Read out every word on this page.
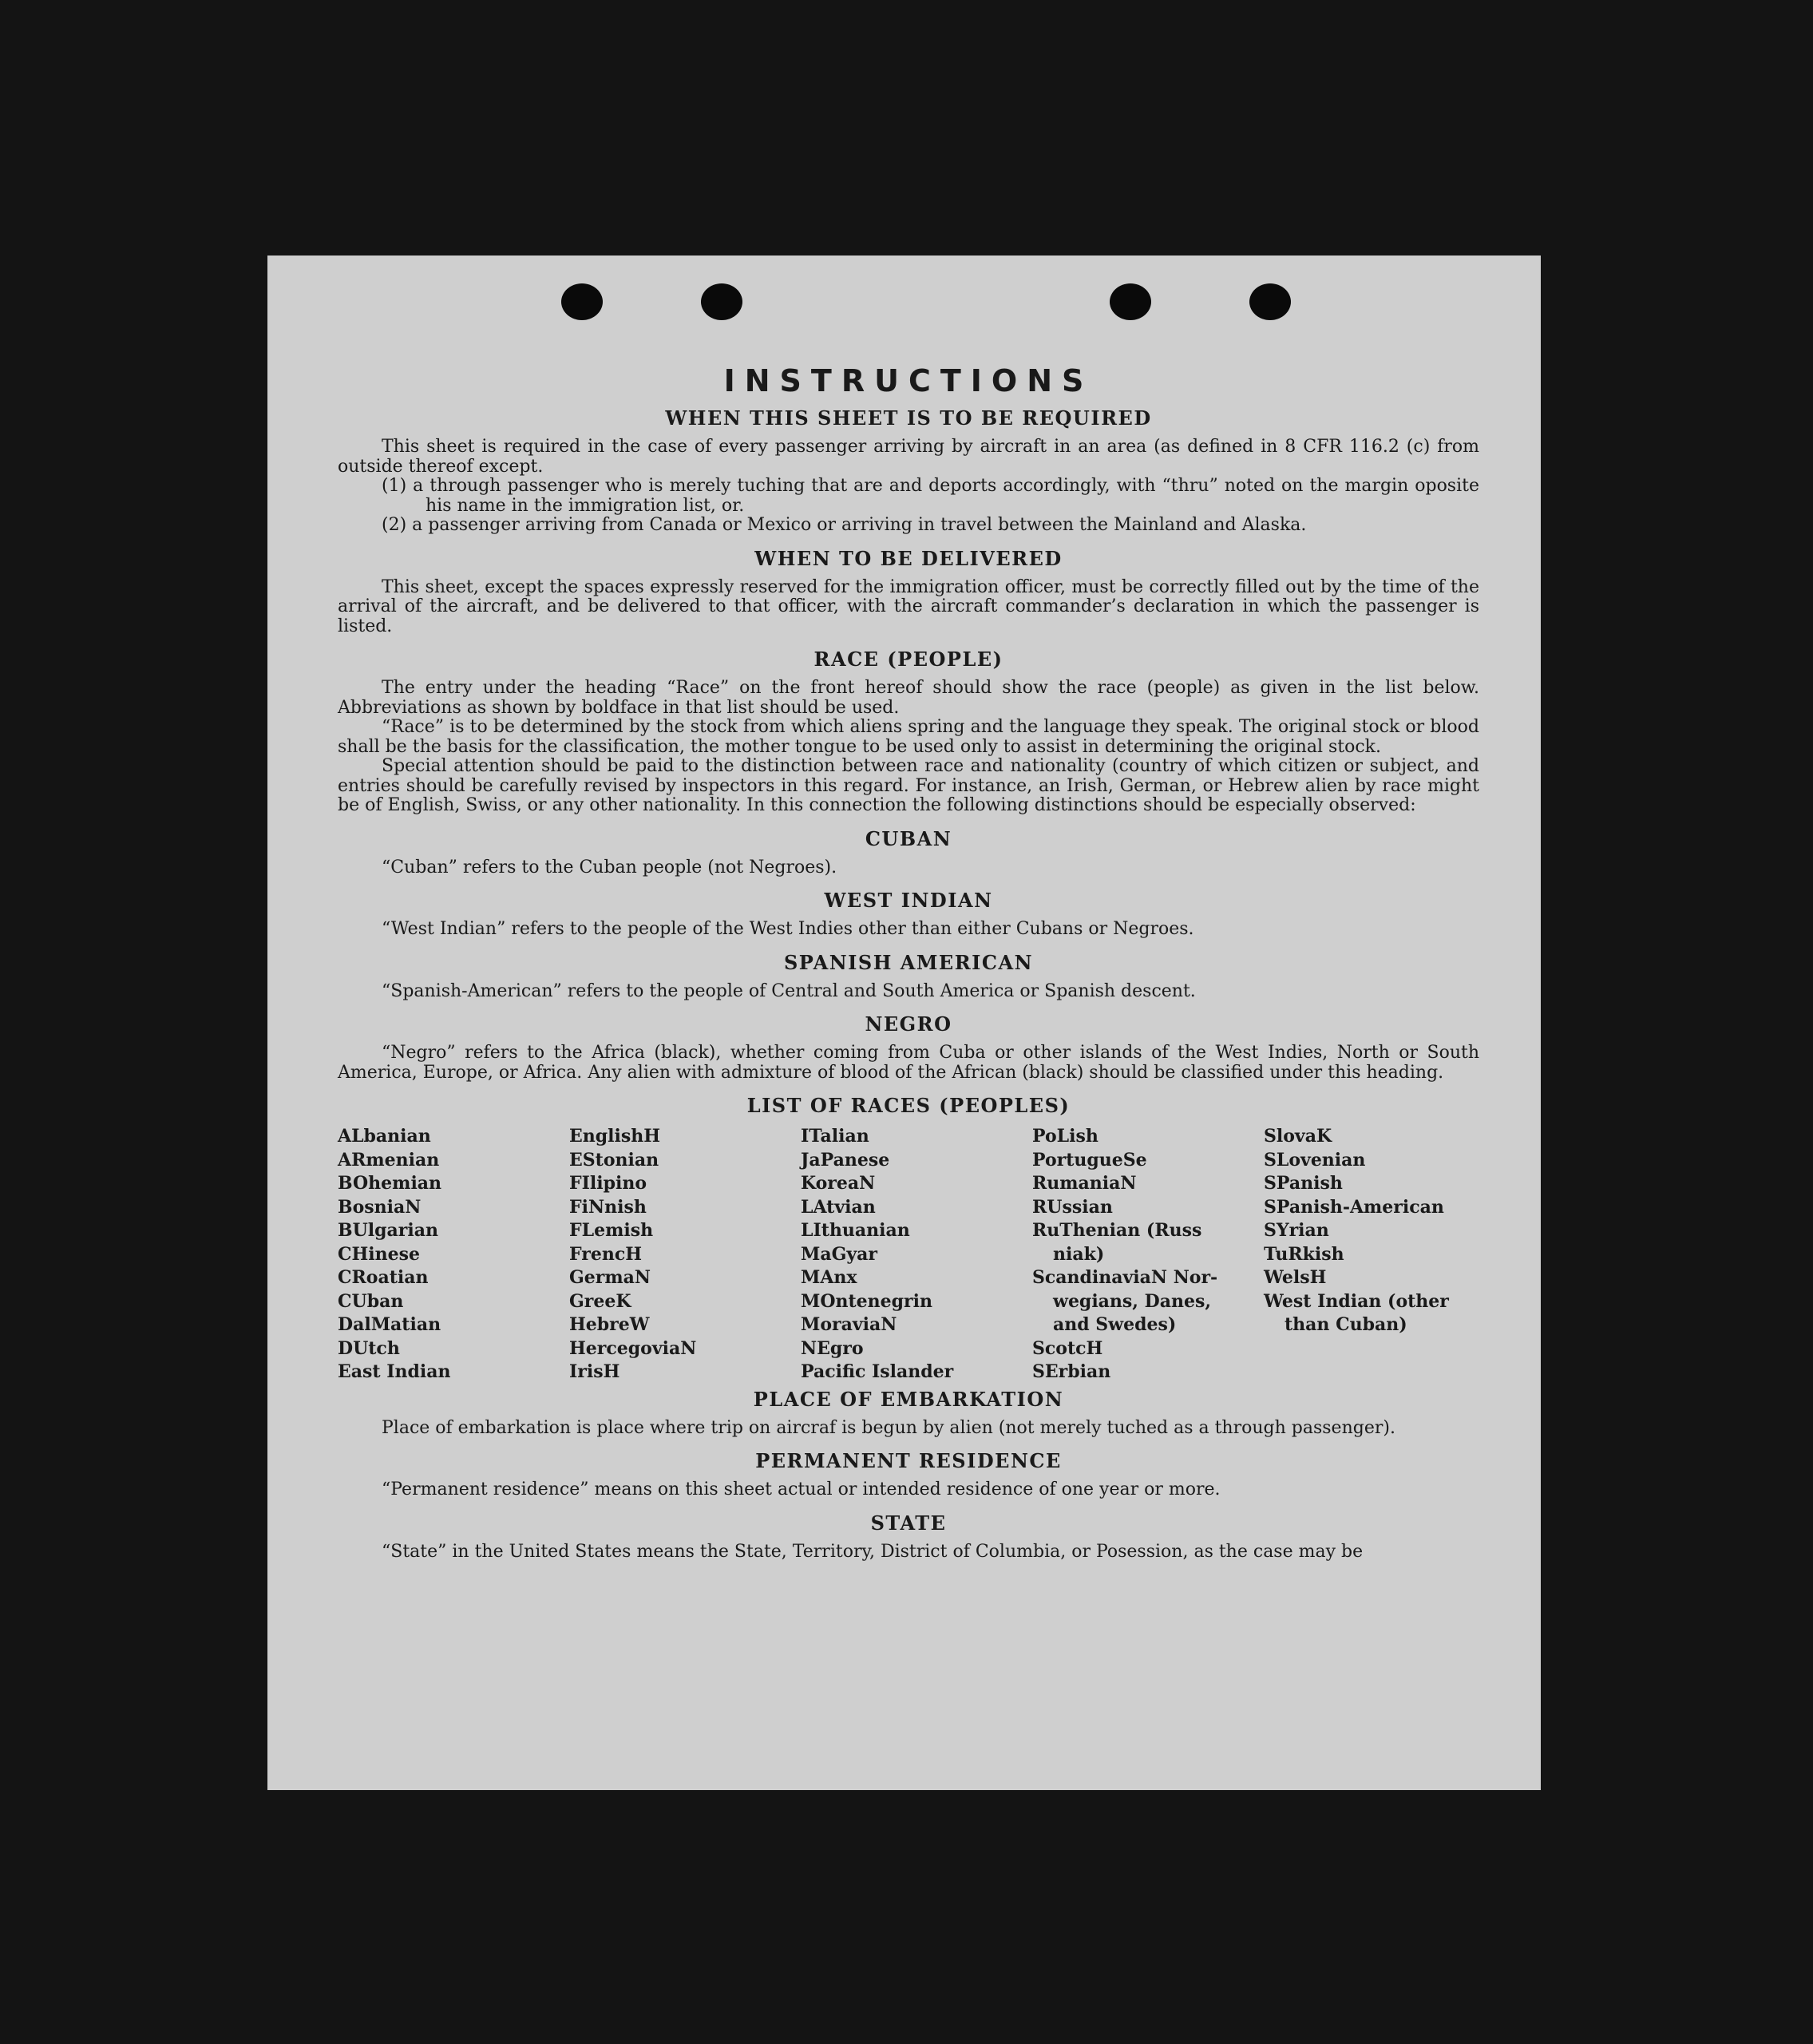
INSTRUCTIONS
WHEN THIS SHEET IS TO BE REQUIRED

This sheet is required in the case of every passenger arriving by aircraft in an area (as defined in 8 CFR 116.2 (c) from outside thereof except.

(1) a through passenger who is merely tuching that are and deports accordingly, with “thru” noted on the margin oposite his name in the immigration list, or.

(2) a passenger arriving from Canada or Mexico or arriving in travel between the Mainland and Alaska.

WHEN TO BE DELIVERED

This sheet, except the spaces expressly reserved for the immigration officer, must be correctly filled out by the time of the arrival of the aircraft, and be delivered to that officer, with the aircraft commander’s declaration in which the passenger is listed.

RACE (PEOPLE)

The entry under the heading “Race” on the front hereof should show the race (people) as given in the list below. Abbreviations as shown by boldface in that list should be used.

“Race” is to be determined by the stock from which aliens spring and the language they speak. The original stock or blood shall be the basis for the classification, the mother tongue to be used only to assist in determining the original stock.

Special attention should be paid to the distinction between race and nationality (country of which citizen or subject, and entries should be carefully revised by inspectors in this regard. For instance, an Irish, German, or Hebrew alien by race might be of English, Swiss, or any other nationality. In this connection the following distinctions should be especially observed:

CUBAN

“Cuban” refers to the Cuban people (not Negroes).

WEST INDIAN

“West Indian” refers to the people of the West Indies other than either Cubans or Negroes.

SPANISH AMERICAN

“Spanish-American” refers to the people of Central and South America or Spanish descent.

NEGRO

“Negro” refers to the Africa (black), whether coming from Cuba or other islands of the West Indies, North or South America, Europe, or Africa. Any alien with admixture of blood of the African (black) should be classified under this heading.

LIST OF RACES (PEOPLES)
ALbanian
ARmenian
BOhemian
BosniaN
BUlgarian
CHinese
CRoatian
CUban
DalMatian
DUtch
East Indian
EnglishH
EStonian
FIlipino
FiNnish
FLemish
FrencH
GermaN
GreeK
HebreW
HercegoviaN
IrisH
ITalian
JaPanese
KoreaN
LAtvian
LIthuanian
MaGyar
MAnx
MOntenegrin
MoraviaN
NEgro
Pacific Islander
PoLish
PortugueSe
RumaniaN
RUssian
RuThenian (Russ
niak)
ScandinaviaN Nor-
wegians, Danes,
and Swedes)
ScotcH
SErbian
SlovaK
SLovenian
SPanish
SPanish-American
SYrian
TuRkish
WelsH
West Indian (other
than Cuban)
PLACE OF EMBARKATION

Place of embarkation is place where trip on aircraf is begun by alien (not merely tuched as a through passenger).

PERMANENT RESIDENCE

“Permanent residence” means on this sheet actual or intended residence of one year or more.

STATE

“State” in the United States means the State, Territory, District of Columbia, or Posession, as the case may be
